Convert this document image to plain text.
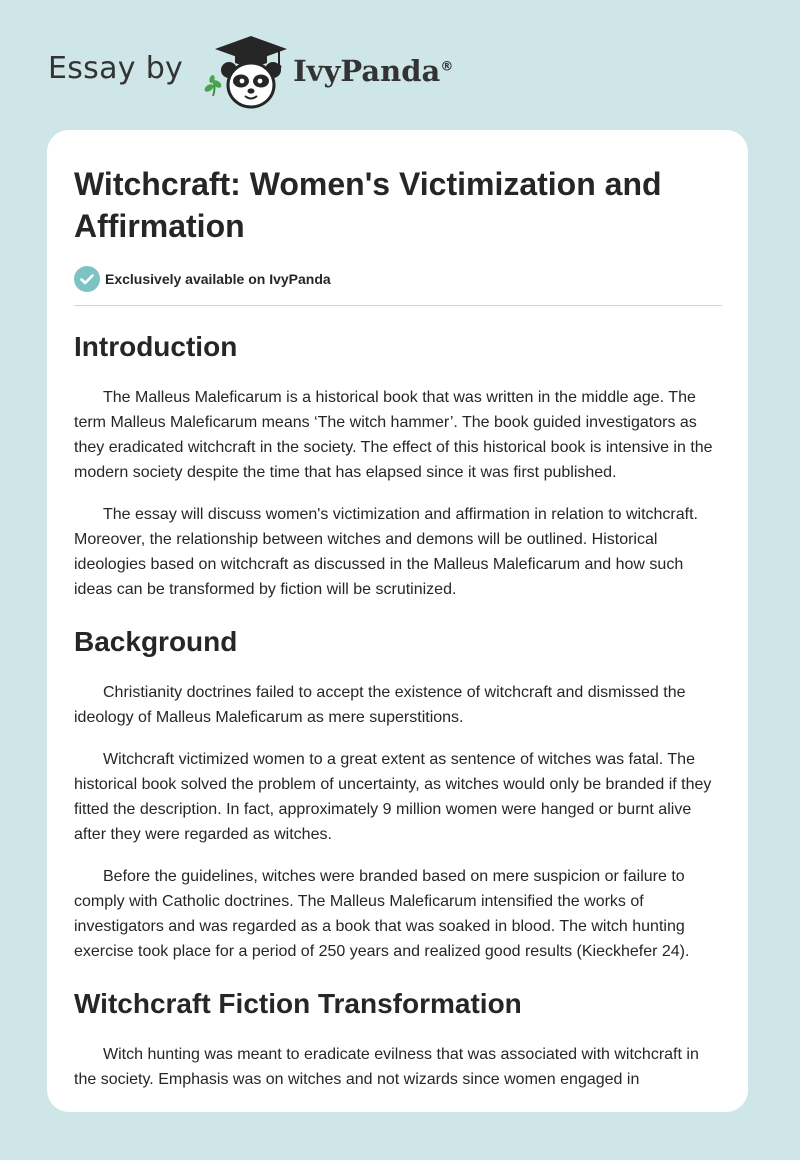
Essay by	IvyPanda®
Witchcraft: Women's Victimization and Affirmation
Exclusively available on IvyPanda
Introduction

The Malleus Maleficarum is a historical book that was written in the middle age. The term Malleus Maleficarum means ‘The witch hammer’. The book guided investigators as they eradicated witchcraft in the society. The effect of this historical book is intensive in the modern society despite the time that has elapsed since it was first published.

The essay will discuss women's victimization and affirmation in relation to witchcraft. Moreover, the relationship between witches and demons will be outlined. Historical ideologies based on witchcraft as discussed in the Malleus Maleficarum and how such ideas can be transformed by fiction will be scrutinized.

Background

Christianity doctrines failed to accept the existence of witchcraft and dismissed the ideology of Malleus Maleficarum as mere superstitions.

Witchcraft victimized women to a great extent as sentence of witches was fatal. The historical book solved the problem of uncertainty, as witches would only be branded if they fitted the description. In fact, approximately 9 million women were hanged or burnt alive after they were regarded as witches.

Before the guidelines, witches were branded based on mere suspicion or failure to comply with Catholic doctrines. The Malleus Maleficarum intensified the works of investigators and was regarded as a book that was soaked in blood. The witch hunting exercise took place for a period of 250 years and realized good results (Kieckhefer 24).

Witchcraft Fiction Transformation

Witch hunting was meant to eradicate evilness that was associated with witchcraft in the society. Emphasis was on witches and not wizards since women engaged in
